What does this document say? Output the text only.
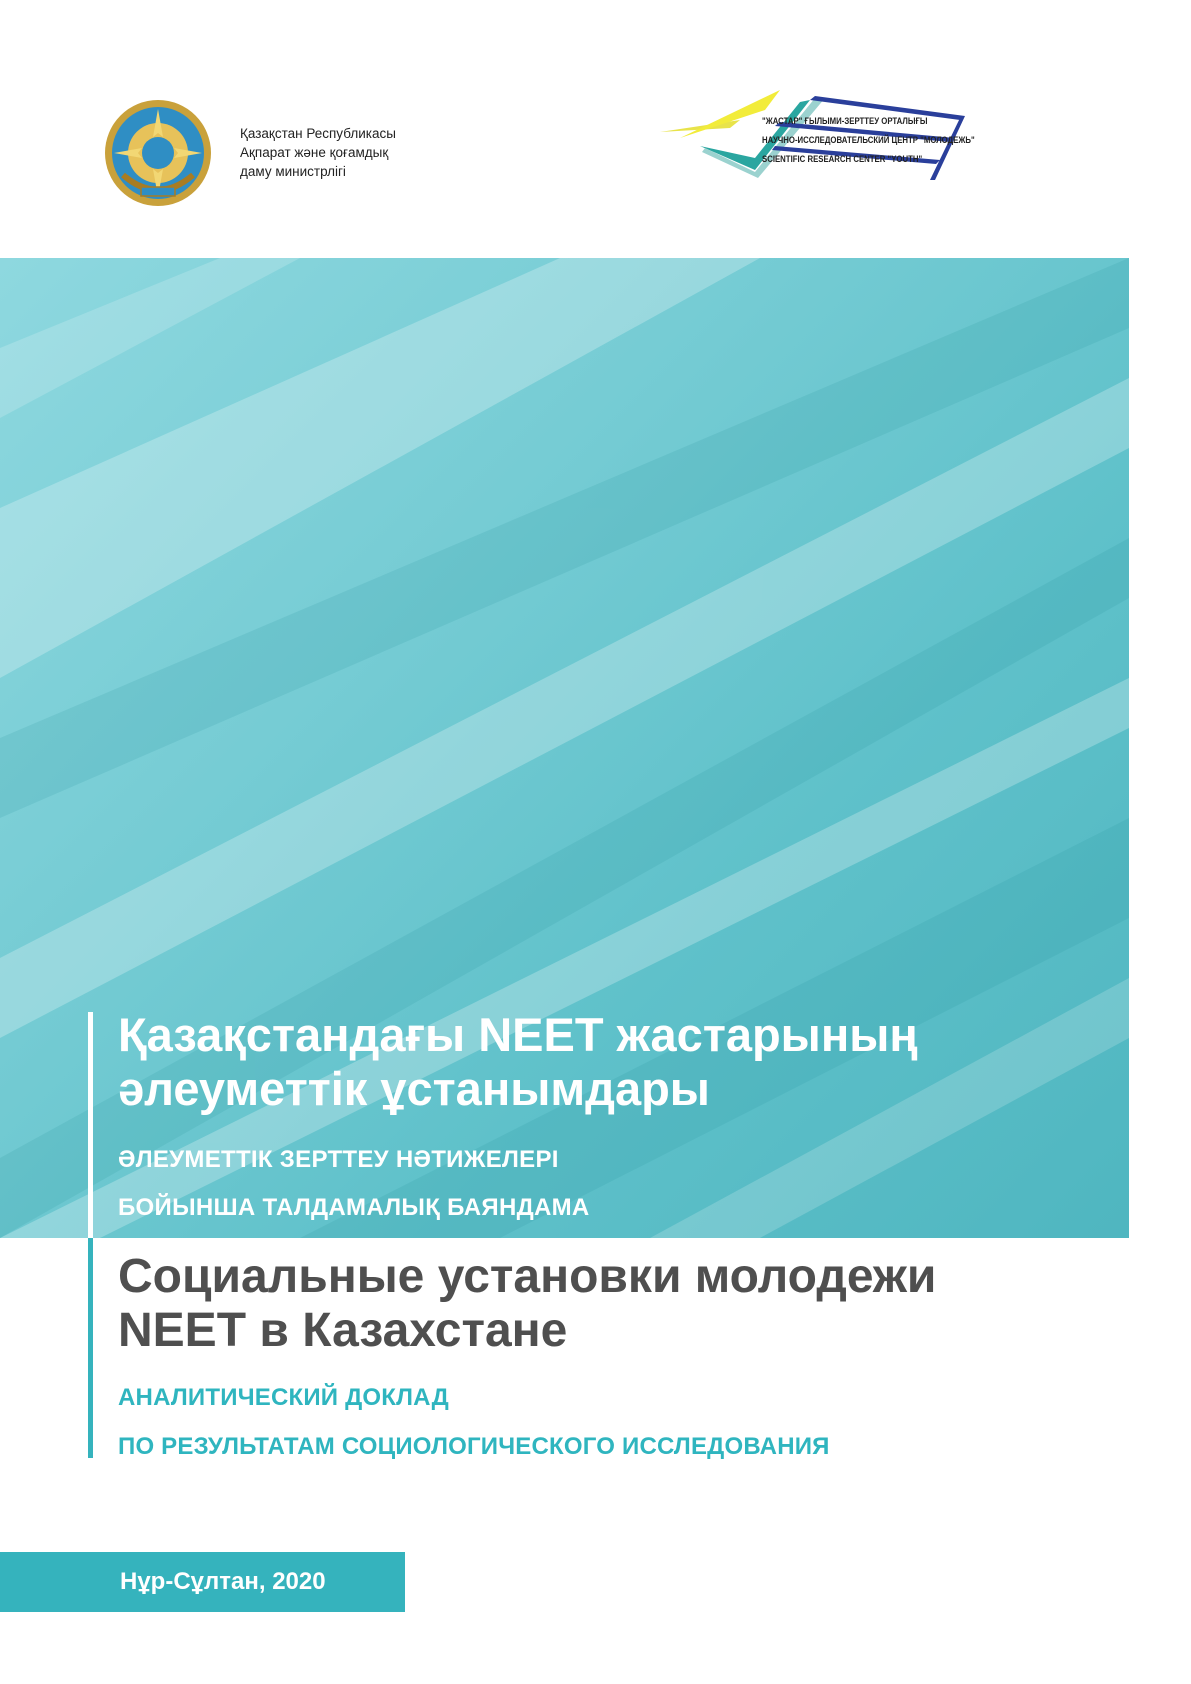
Қазақстан Республикасы
Ақпарат және қоғамдық
даму министрлігі
"ЖАСТАР" ҒЫЛЫМИ-ЗЕРТТЕУ ОРТАЛЫҒЫ
НАУЧНО-ИССЛЕДОВАТЕЛЬСКИЙ ЦЕНТР "МОЛОДЕЖЬ"
SCIENTIFIC RESEARCH CENTER "YOUTH"
Қазақстандағы NEET жастарының
әлеуметтік ұстанымдары
ӘЛЕУМЕТТІК ЗЕРТТЕУ НӘТИЖЕЛЕРІ
БОЙЫНША ТАЛДАМАЛЫҚ БАЯНДАМА
Социальные установки молодежи
NEET в Казахстане
АНАЛИТИЧЕСКИЙ ДОКЛАД
ПО РЕЗУЛЬТАТАМ СОЦИОЛОГИЧЕСКОГО ИССЛЕДОВАНИЯ
Нұр-Сұлтан, 2020
